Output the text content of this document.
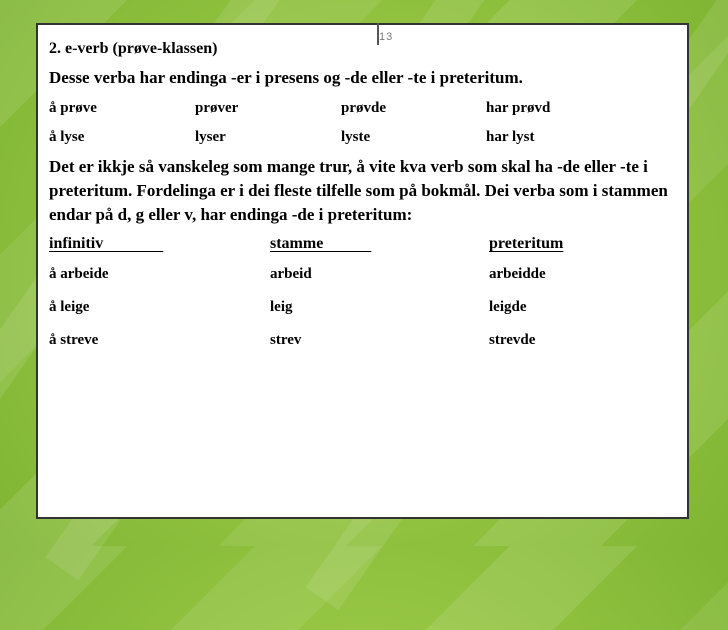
13
2. e-verb (prøve-klassen)
Desse verba har endinga -er i presens og -de eller -te i preteritum.
å prøve	prøver	prøvde	har prøvd
å lyse	lyser	lyste	har lyst
Det er ikkje så vanskeleg som mange trur, å vite kva verb som skal ha -de eller -te i preteritum. Fordelinga er i dei fleste tilfelle som på bokmål. Dei verba som i stammen endar på d, g eller v, har endinga -de i preteritum:
infinitiv	stamme	preteritum
å arbeide	arbeid	arbeidde
å leige	leig	leigde
å streve	strev	strevde
